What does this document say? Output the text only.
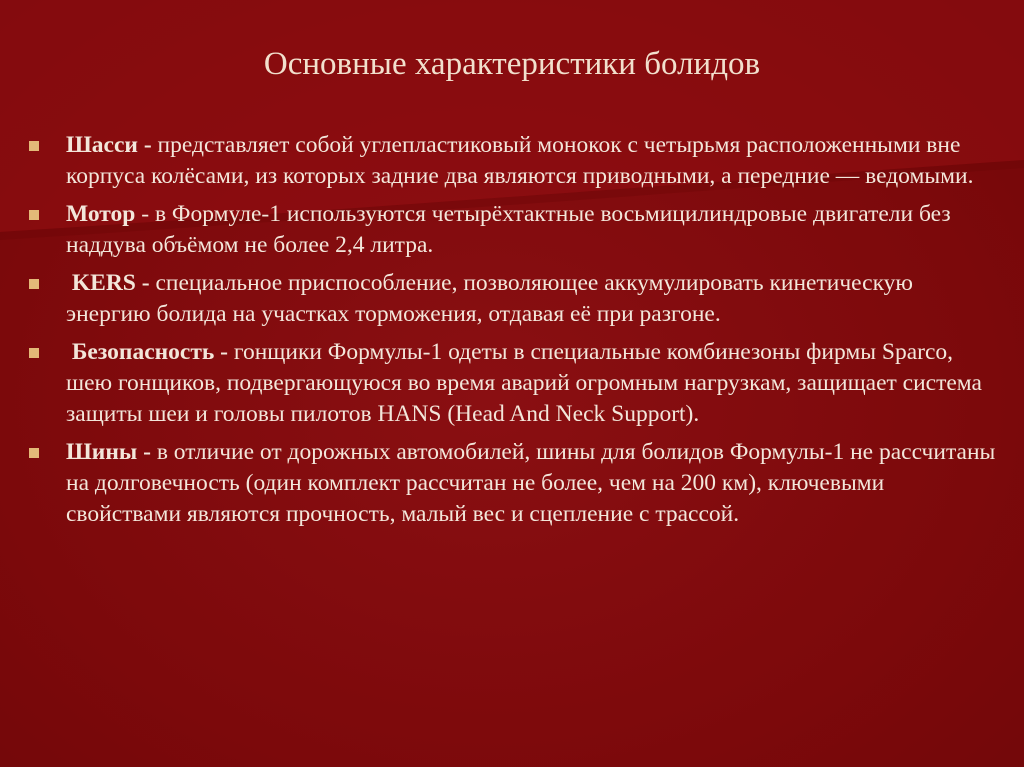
Основные характеристики болидов
Шасси - представляет собой углепластиковый монокок с четырьмя расположенными вне корпуса колёсами, из которых задние два являются приводными, а передние — ведомыми.
Мотор - в Формуле-1 используются четырёхтактные восьмицилиндровые двигатели без наддува объёмом не более 2,4 литра.
KERS - специальное приспособление, позволяющее аккумулировать кинетическую энергию болида на участках торможения, отдавая её при разгоне.
Безопасность - гонщики Формулы-1 одеты в специальные комбинезоны фирмы Sparco, шею гонщиков, подвергающуюся во время аварий огромным нагрузкам, защищает система защиты шеи и головы пилотов HANS (Head And Neck Support).
Шины - в отличие от дорожных автомобилей, шины для болидов Формулы-1 не рассчитаны на долговечность (один комплект рассчитан не более, чем на 200 км), ключевыми свойствами являются прочность, малый вес и сцепление с трассой.
